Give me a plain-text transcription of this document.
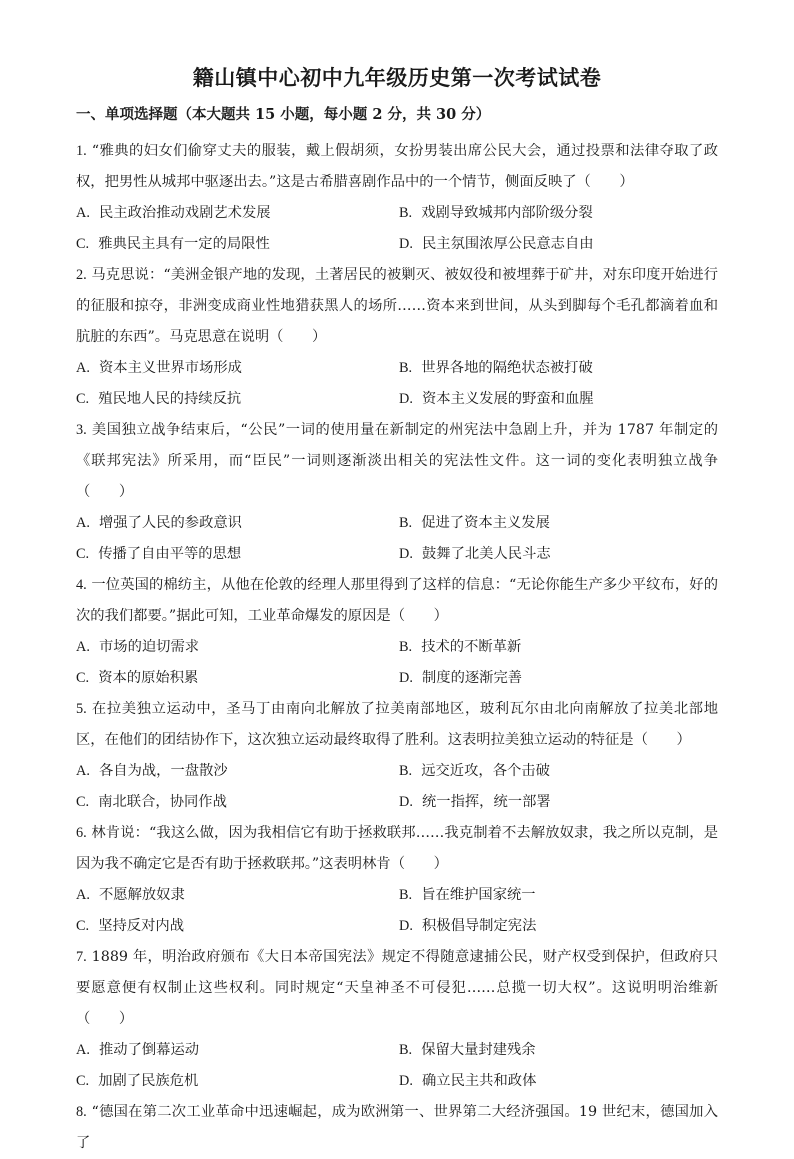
籍山镇中心初中九年级历史第一次考试试卷
一、单项选择题（本大题共 15 小题，每小题 2 分，共 30 分）
1. “雅典的妇女们偷穿丈夫的服装，戴上假胡须，女扮男装出席公民大会，通过投票和法律夺取了政权，把男性从城邦中驱逐出去。”这是古希腊喜剧作品中的一个情节，侧面反映了（　　）
A. 民主政治推动戏剧艺术发展	B. 戏剧导致城邦内部阶级分裂
C. 雅典民主具有一定的局限性	D. 民主氛围浓厚公民意志自由
2. 马克思说：“美洲金银产地的发现，土著居民的被剿灭、被奴役和被埋葬于矿井，对东印度开始进行的征服和掠夺，非洲变成商业性地猎获黑人的场所……资本来到世间，从头到脚每个毛孔都滴着血和肮脏的东西”。马克思意在说明（　　）
A. 资本主义世界市场形成	B. 世界各地的隔绝状态被打破
C. 殖民地人民的持续反抗	D. 资本主义发展的野蛮和血腥
3. 美国独立战争结束后，“公民”一词的使用量在新制定的州宪法中急剧上升，并为 1787 年制定的《联邦宪法》所采用，而“臣民”一词则逐渐淡出相关的宪法性文件。这一词的变化表明独立战争（　　）
A. 增强了人民的参政意识	B. 促进了资本主义发展
C. 传播了自由平等的思想	D. 鼓舞了北美人民斗志
4. 一位英国的棉纺主，从他在伦敦的经理人那里得到了这样的信息：“无论你能生产多少平纹布，好的次的我们都要。”据此可知，工业革命爆发的原因是（　　）
A. 市场的迫切需求	B. 技术的不断革新
C. 资本的原始积累	D. 制度的逐渐完善
5. 在拉美独立运动中，圣马丁由南向北解放了拉美南部地区，玻利瓦尔由北向南解放了拉美北部地区，在他们的团结协作下，这次独立运动最终取得了胜利。这表明拉美独立运动的特征是（　　）
A. 各自为战，一盘散沙	B. 远交近攻，各个击破
C. 南北联合，协同作战	D. 统一指挥，统一部署
6. 林肯说：“我这么做，因为我相信它有助于拯救联邦……我克制着不去解放奴隶，我之所以克制，是因为我不确定它是否有助于拯救联邦。”这表明林肯（　　）
A. 不愿解放奴隶	B. 旨在维护国家统一
C. 坚持反对内战	D. 积极倡导制定宪法
7. 1889 年，明治政府颁布《大日本帝国宪法》规定不得随意逮捕公民，财产权受到保护，但政府只要愿意便有权制止这些权利。同时规定“天皇神圣不可侵犯……总揽一切大权”。这说明明治维新（　　）
A. 推动了倒幕运动	B. 保留大量封建残余
C. 加剧了民族危机	D. 确立民主共和政体
8. “德国在第二次工业革命中迅速崛起，成为欧洲第一、世界第二大经济强国。19 世纪末，德国加入了
